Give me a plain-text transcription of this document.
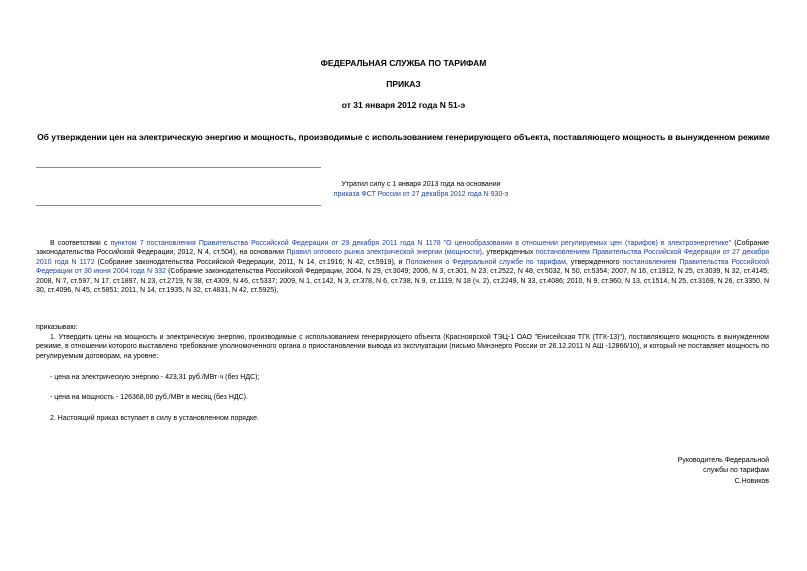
ФЕДЕРАЛЬНАЯ СЛУЖБА ПО ТАРИФАМ

ПРИКАЗ

от 31 января 2012 года N 51-э

Об утверждении цен на электрическую энергию и мощность, производимые с использованием генерирующего объекта, поставляющего мощность в вынужденном режиме

Утратил силу с 1 января 2013 года на основании

приказа ФСТ России от 27 декабря 2012 года N 930-э

В соответствии с пунктом 7 постановления Правительства Российской Федерации от 29 декабря 2011 года N 1178 "О ценообразовании в отношении регулируемых цен (тарифов) в электроэнергетике" (Собрание законодательства Российской Федерации, 2012, N 4, ст.504), на основании Правил оптового рынка электрической энергии (мощности), утвержденных постановлением Правительства Российской Федерации от 27 декабря 2010 года N 1172 (Собрание законодательства Российской Федерации, 2011, N 14, ст.1916; N 42, ст.5919), и Положения о Федеральной службе по тарифам, утвержденного постановлением Правительства Российской Федерации от 30 июня 2004 года N 332 (Собрание законодательства Российской Федерации, 2004, N 29, ст.3049; 2006, N 3, ст.301, N 23, ст.2522, N 48, ст.5032, N 50, ст.5354; 2007, N 16, ст.1912, N 25, ст.3039, N 32, ст.4145; 2008, N 7, ст.597, N 17, ст.1897, N 23, ст.2719, N 38, ст.4309, N 46, ст.5337; 2009, N 1, ст.142, N 3, ст.378, N 6, ст.738, N 9, ст.1119, N 18 (ч. 2), ст.2249, N 33, ст.4086; 2010, N 9, ст.960, N 13, ст.1514, N 25, ст.3169, N 26, ст.3350, N 30, ст.4096, N 45, ст.5851; 2011, N 14, ст.1935, N 32, ст.4831, N 42, ст.5925),

приказываю:

1. Утвердить цены на мощность и электрическую энергию, производимые с использованием генерирующего объекта (Красноярской ТЭЦ-1 ОАО "Енисейская ТГК (ТГК-13)"), поставляющего мощность в вынужденном режиме, в отношении которого выставлено требование уполномоченного органа о приостановлении вывода из эксплуатации (письмо Минэнерго России от 26.12.2011 N АШ -12866/10), и который не поставляет мощность по регулируемым договорам, на уровне:

- цена на электрическую энергию - 423,31 руб./МВт·ч (без НДС);

- цена на мощность - 126368,00 руб./МВт в месяц (без НДС).

2. Настоящий приказ вступает в силу в установленном порядке.

Руководитель Федеральной

службы по тарифам

С.Новиков
